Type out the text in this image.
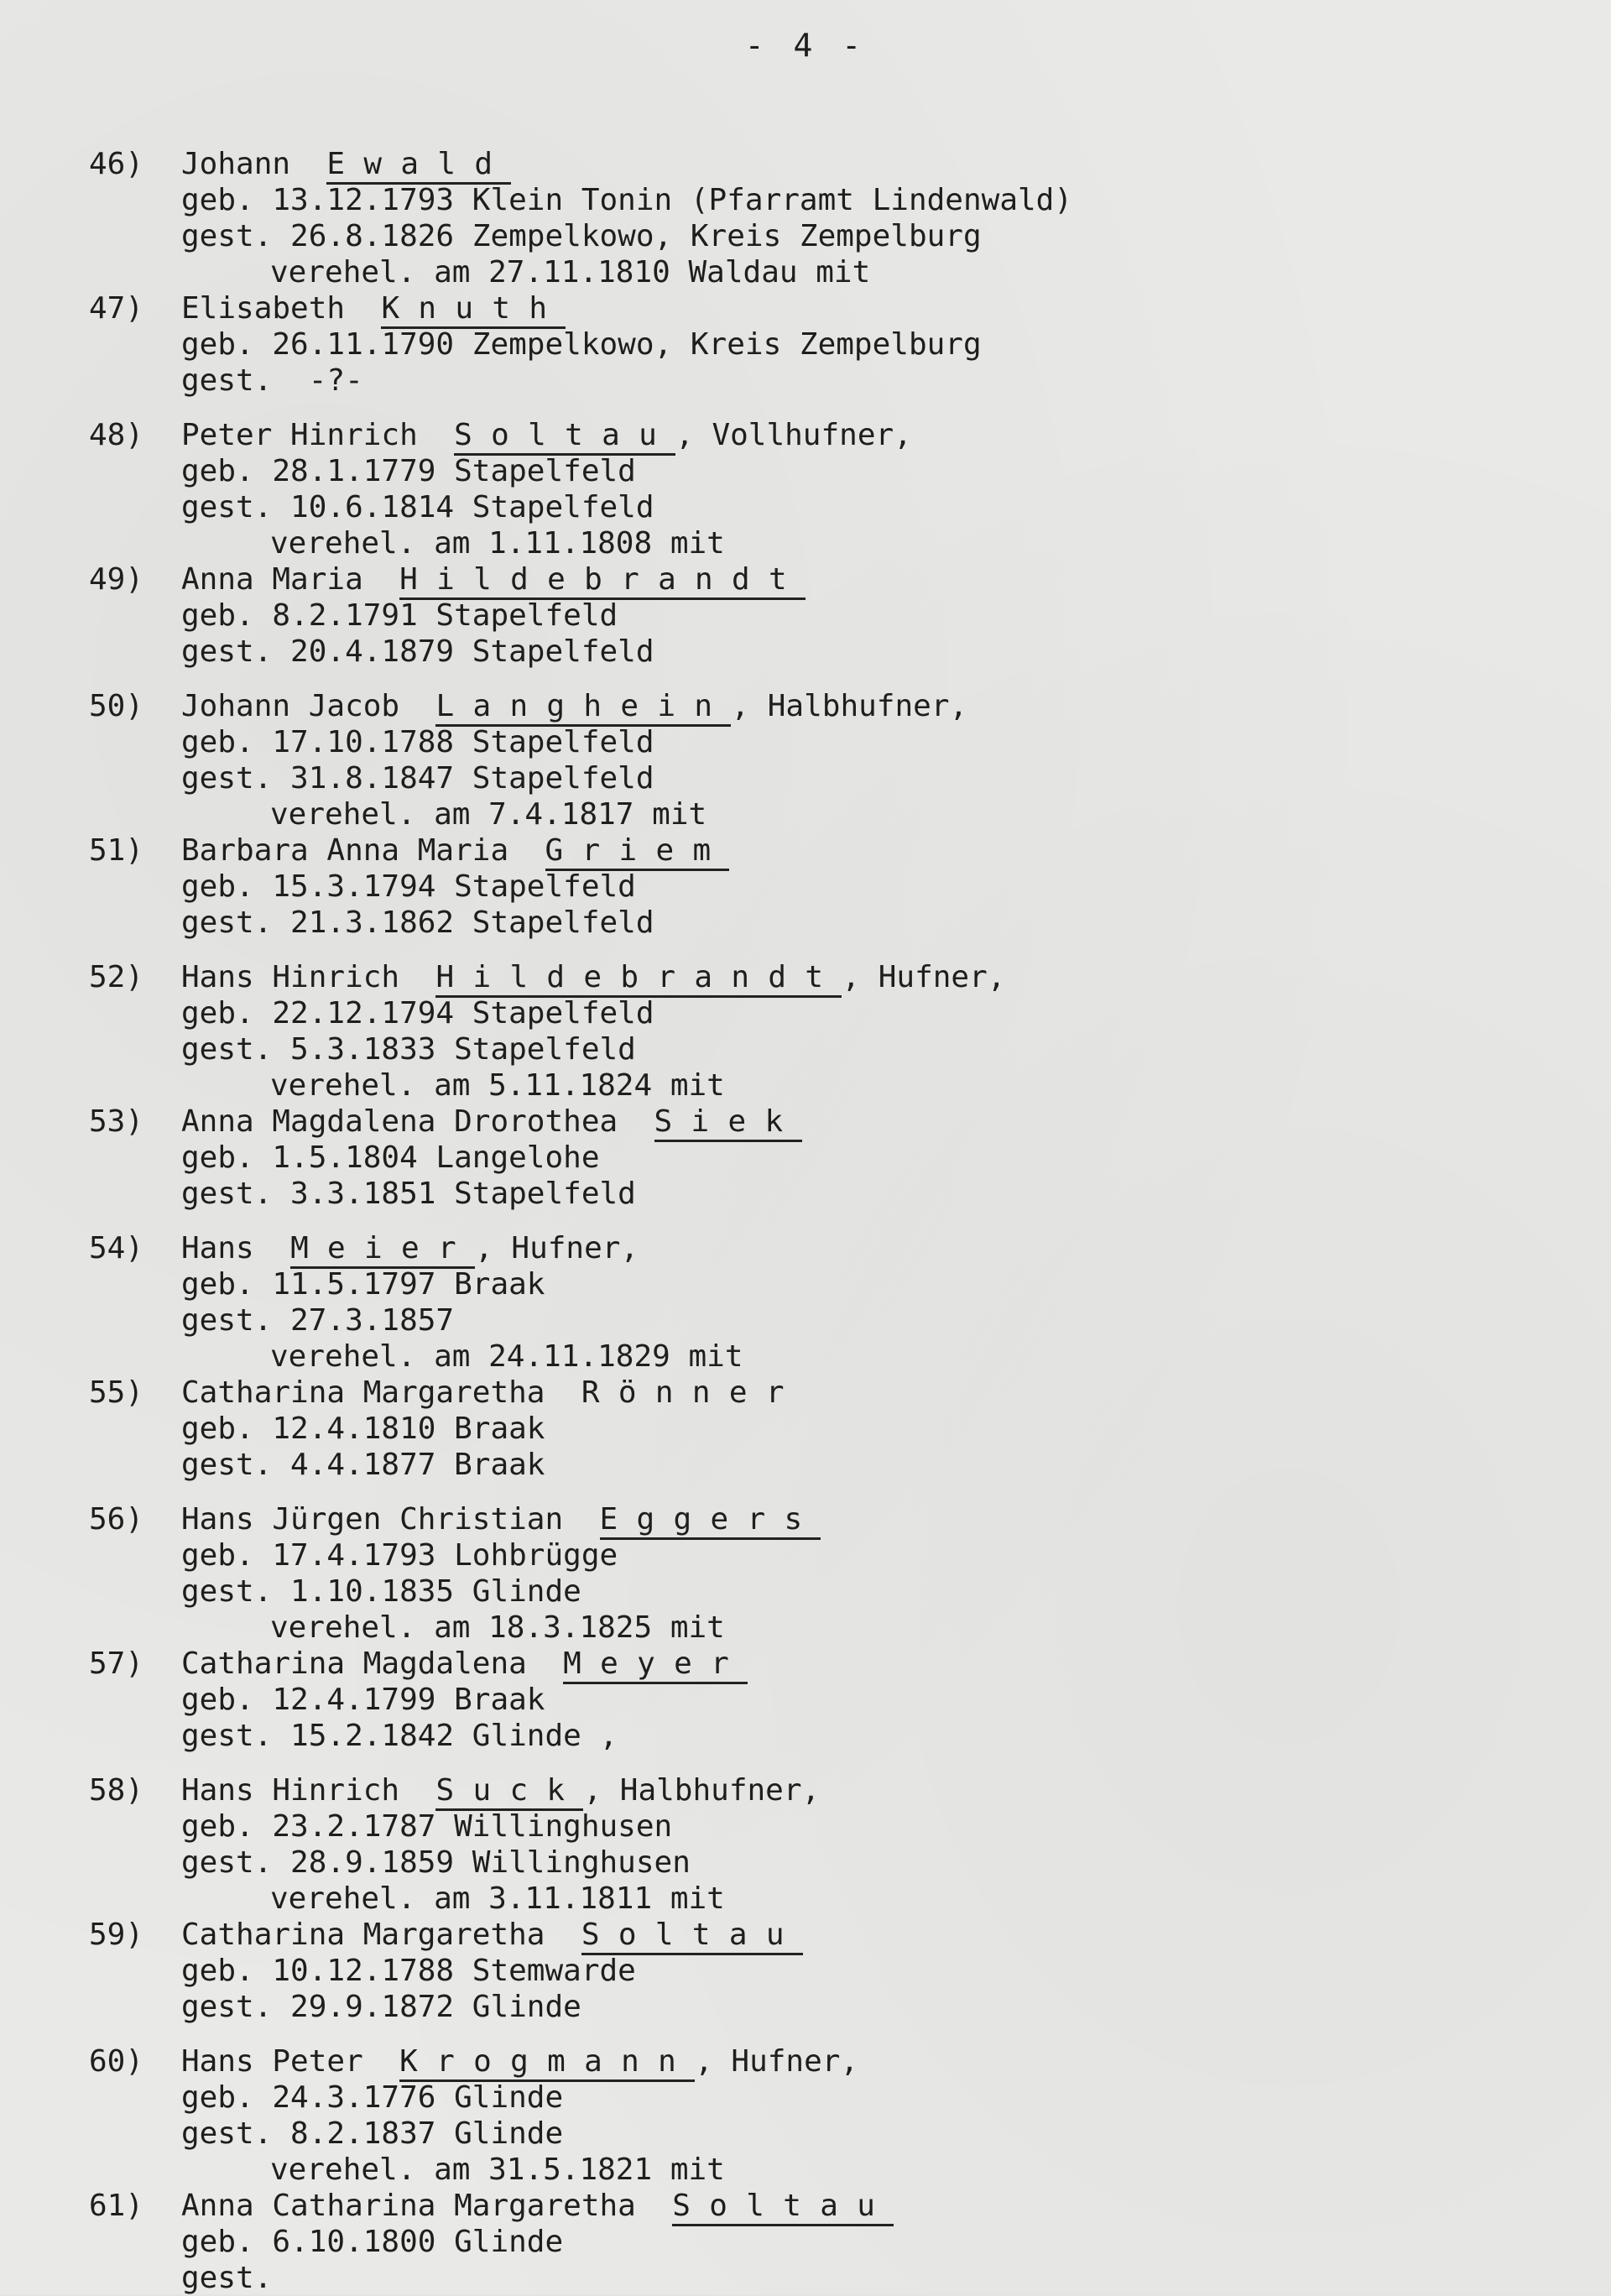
- 4 -
46)	Johann Ewald
geb. 13.12.1793 Klein Tonin (Pfarramt Lindenwald)
gest. 26.8.1826 Zempelkowo, Kreis Zempelburg
verehel. am 27.11.1810 Waldau mit
47)	Elisabeth Knuth
geb. 26.11.1790 Zempelkowo, Kreis Zempelburg
gest.  -?-
48)	Peter Hinrich Soltau, Vollhufner,
geb. 28.1.1779 Stapelfeld
gest. 10.6.1814 Stapelfeld
verehel. am 1.11.1808 mit
49)	Anna Maria Hildebrandt
geb. 8.2.1791 Stapelfeld
gest. 20.4.1879 Stapelfeld
50)	Johann Jacob Langhein, Halbhufner,
geb. 17.10.1788 Stapelfeld
gest. 31.8.1847 Stapelfeld
verehel. am 7.4.1817 mit
51)	Barbara Anna Maria Griem
geb. 15.3.1794 Stapelfeld
gest. 21.3.1862 Stapelfeld
52)	Hans Hinrich Hildebrandt, Hufner,
geb. 22.12.1794 Stapelfeld
gest. 5.3.1833 Stapelfeld
verehel. am 5.11.1824 mit
53)	Anna Magdalena Drorothea Siek
geb. 1.5.1804 Langelohe
gest. 3.3.1851 Stapelfeld
54)	Hans Meier, Hufner,
geb. 11.5.1797 Braak
gest. 27.3.1857
verehel. am 24.11.1829 mit
55)	Catharina Margaretha Rönner
geb. 12.4.1810 Braak
gest. 4.4.1877 Braak
56)	Hans Jürgen Christian Eggers
geb. 17.4.1793 Lohbrügge
gest. 1.10.1835 Glinde
verehel. am 18.3.1825 mit
57)	Catharina Magdalena Meyer
geb. 12.4.1799 Braak
gest. 15.2.1842 Glinde ,
58)	Hans Hinrich Suck, Halbhufner,
geb. 23.2.1787 Willinghusen
gest. 28.9.1859 Willinghusen
verehel. am 3.11.1811 mit
59)	Catharina Margaretha Soltau
geb. 10.12.1788 Stemwarde
gest. 29.9.1872 Glinde
60)	Hans Peter Krogmann, Hufner,
geb. 24.3.1776 Glinde
gest. 8.2.1837 Glinde
verehel. am 31.5.1821 mit
61)	Anna Catharina Margaretha Soltau
geb. 6.10.1800 Glinde
gest.
